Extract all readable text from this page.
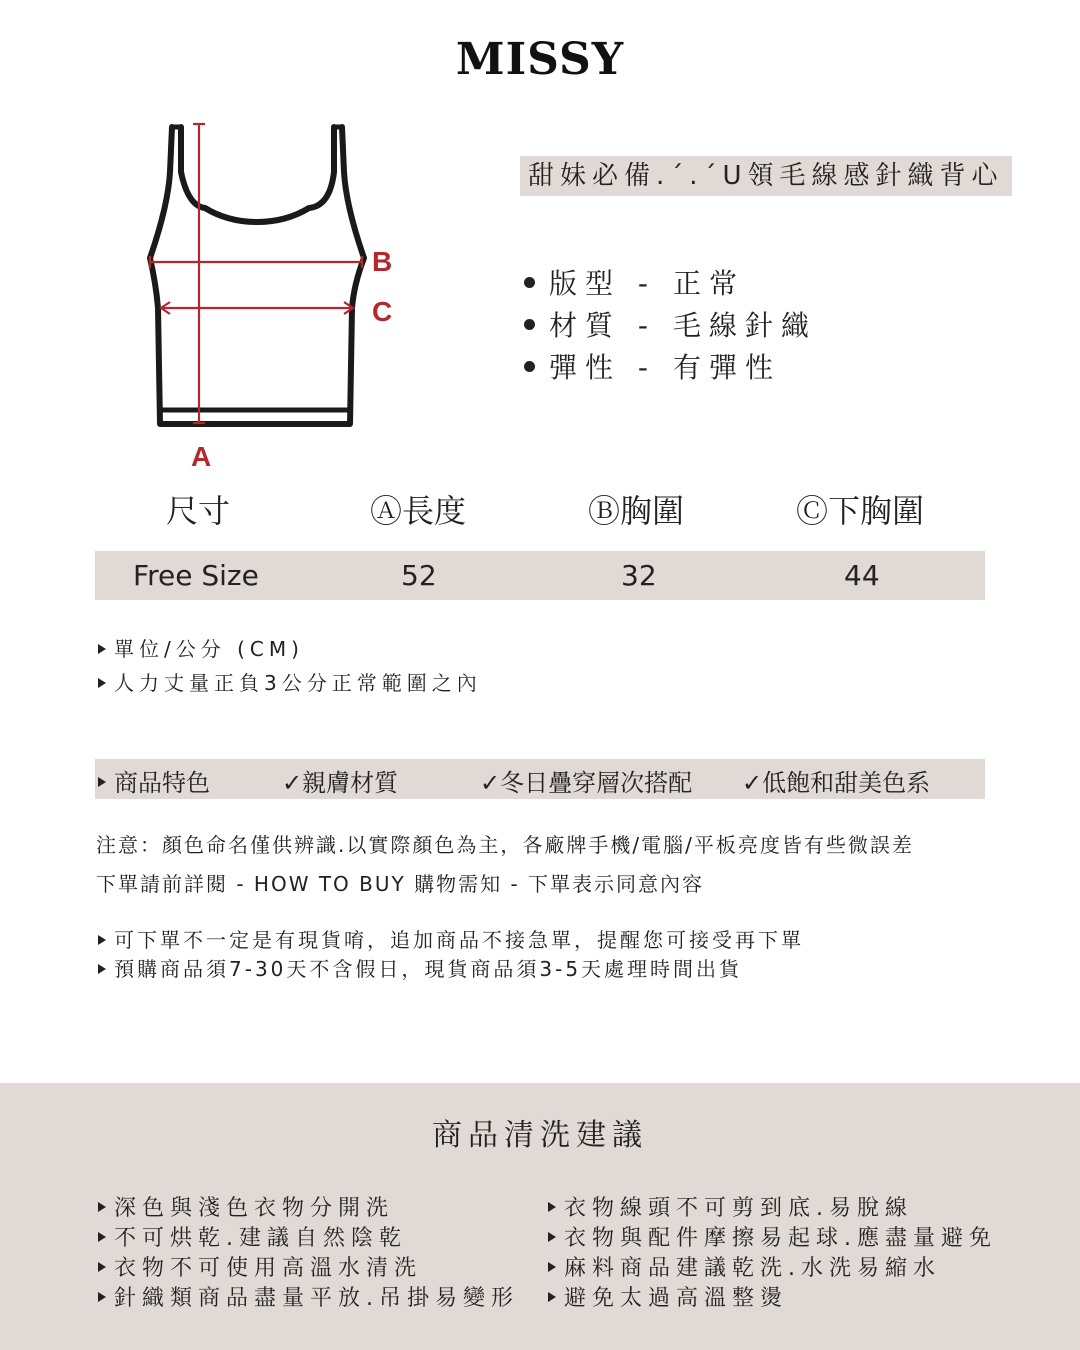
MISSY
B
C
A
甜妹必備.ˊ.ˊU領毛線感針織背心
版型 - 正常
材質 - 毛線針織
彈性 - 有彈性
尺寸	Ⓐ長度	Ⓑ胸圍	Ⓒ下胸圍
Free Size	52	32	44
單位/公分 (CM)
人力丈量正負3公分正常範圍之內
商品特色	✓親膚材質	✓冬日疊穿層次搭配 ✓低飽和甜美色系
注意：顏色命名僅供辨識.以實際顏色為主，各廠牌手機/電腦/平板亮度皆有些微誤差
下單請前詳閱 - HOW TO BUY 購物需知 - 下單表示同意內容
可下單不一定是有現貨唷，追加商品不接急單，提醒您可接受再下單
預購商品須7-30天不含假日，現貨商品須3-5天處理時間出貨
商品清洗建議
深色與淺色衣物分開洗
不可烘乾.建議自然陰乾
衣物不可使用高溫水清洗
針織類商品盡量平放.吊掛易變形
衣物線頭不可剪到底.易脫線
衣物與配件摩擦易起球.應盡量避免
麻料商品建議乾洗.水洗易縮水
避免太過高溫整燙
